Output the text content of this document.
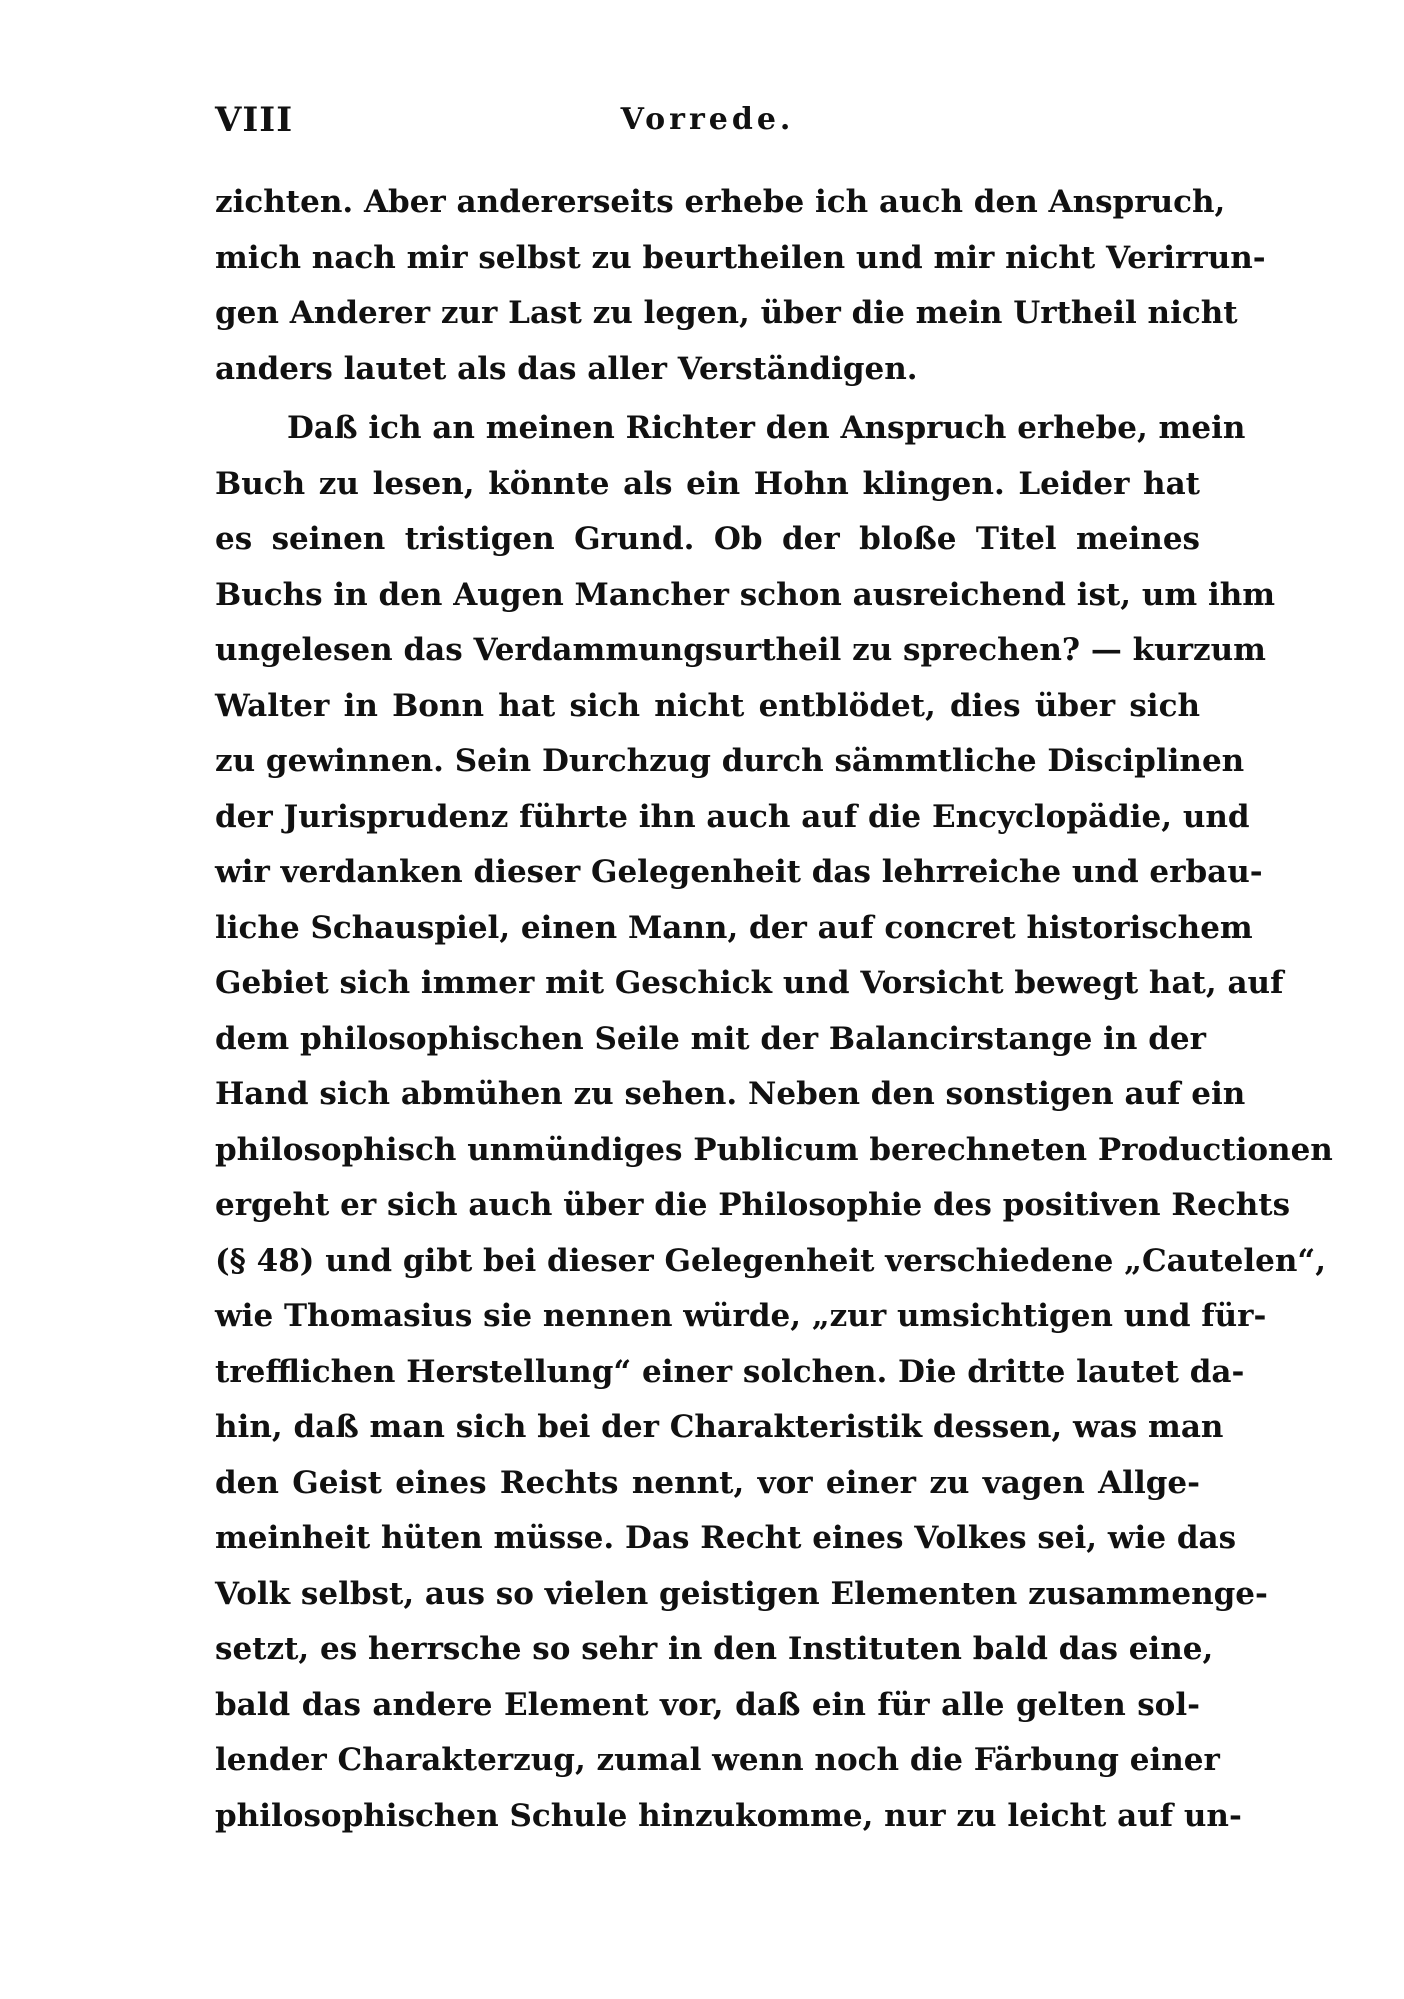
VIII	Vorrede.
zichten. Aber andererseits erhebe ich auch den Anspruch,
mich nach mir selbst zu beurtheilen und mir nicht Verirrun-
gen Anderer zur Last zu legen, über die mein Urtheil nicht
anders lautet als das aller Verständigen.
Daß ich an meinen Richter den Anspruch erhebe, mein
Buch zu lesen, könnte als ein Hohn klingen. Leider hat
es seinen tristigen Grund. Ob der bloße Titel meines
Buchs in den Augen Mancher schon ausreichend ist, um ihm
ungelesen das Verdammungsurtheil zu sprechen? — kurzum
Walter in Bonn hat sich nicht entblödet, dies über sich
zu gewinnen. Sein Durchzug durch sämmtliche Disciplinen
der Jurisprudenz führte ihn auch auf die Encyclopädie, und
wir verdanken dieser Gelegenheit das lehrreiche und erbau-
liche Schauspiel, einen Mann, der auf concret historischem
Gebiet sich immer mit Geschick und Vorsicht bewegt hat, auf
dem philosophischen Seile mit der Balancirstange in der
Hand sich abmühen zu sehen. Neben den sonstigen auf ein
philosophisch unmündiges Publicum berechneten Productionen
ergeht er sich auch über die Philosophie des positiven Rechts
(§ 48) und gibt bei dieser Gelegenheit verschiedene „Cautelen“,
wie Thomasius sie nennen würde, „zur umsichtigen und für-
trefflichen Herstellung“ einer solchen. Die dritte lautet da-
hin, daß man sich bei der Charakteristik dessen, was man
den Geist eines Rechts nennt, vor einer zu vagen Allge-
meinheit hüten müsse. Das Recht eines Volkes sei, wie das
Volk selbst, aus so vielen geistigen Elementen zusammenge-
setzt, es herrsche so sehr in den Instituten bald das eine,
bald das andere Element vor, daß ein für alle gelten sol-
lender Charakterzug, zumal wenn noch die Färbung einer
philosophischen Schule hinzukomme, nur zu leicht auf un-
